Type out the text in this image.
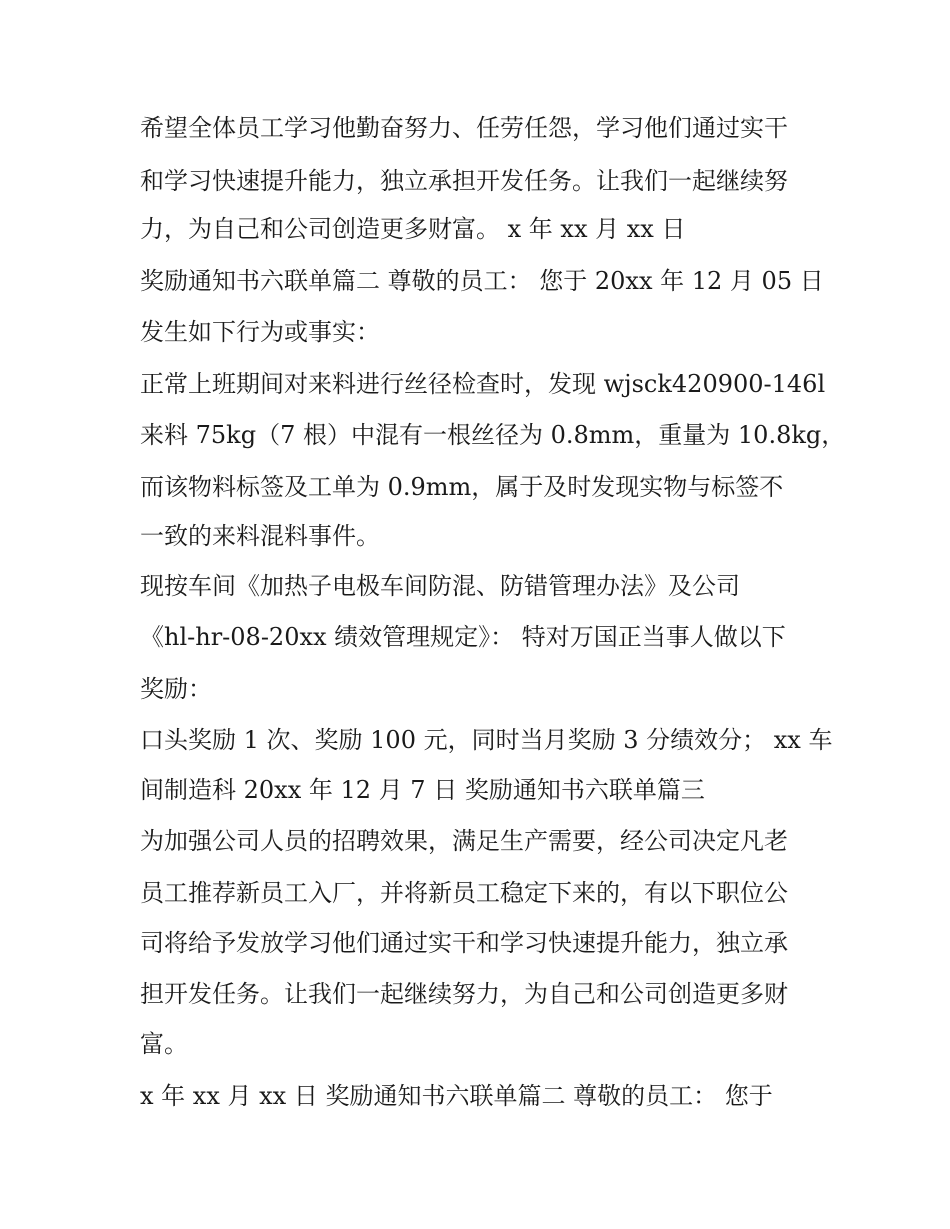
希望全体员工学习他勤奋努力、任劳任怨，学习他们通过实干
和学习快速提升能力，独立承担开发任务。让我们一起继续努
力，为自己和公司创造更多财富。 x 年 xx 月 xx 日
奖励通知书六联单篇二 尊敬的员工： 您于 20xx 年 12 月 05 日
发生如下行为或事实：
正常上班期间对来料进行丝径检查时，发现 wjsck420900-146l
来料 75kg（7 根）中混有一根丝径为 0.8mm，重量为 10.8kg，
而该物料标签及工单为 0.9mm，属于及时发现实物与标签不
一致的来料混料事件。
现按车间《加热子电极车间防混、防错管理办法》及公司
《hl-hr-08-20xx 绩效管理规定》： 特对万国正当事人做以下
奖励：
口头奖励 1 次、奖励 100 元，同时当月奖励 3 分绩效分； xx 车
间制造科 20xx 年 12 月 7 日 奖励通知书六联单篇三
为加强公司人员的招聘效果，满足生产需要，经公司决定凡老
员工推荐新员工入厂，并将新员工稳定下来的，有以下职位公
司将给予发放学习他们通过实干和学习快速提升能力，独立承
担开发任务。让我们一起继续努力，为自己和公司创造更多财
富。
x 年 xx 月 xx 日 奖励通知书六联单篇二 尊敬的员工： 您于
